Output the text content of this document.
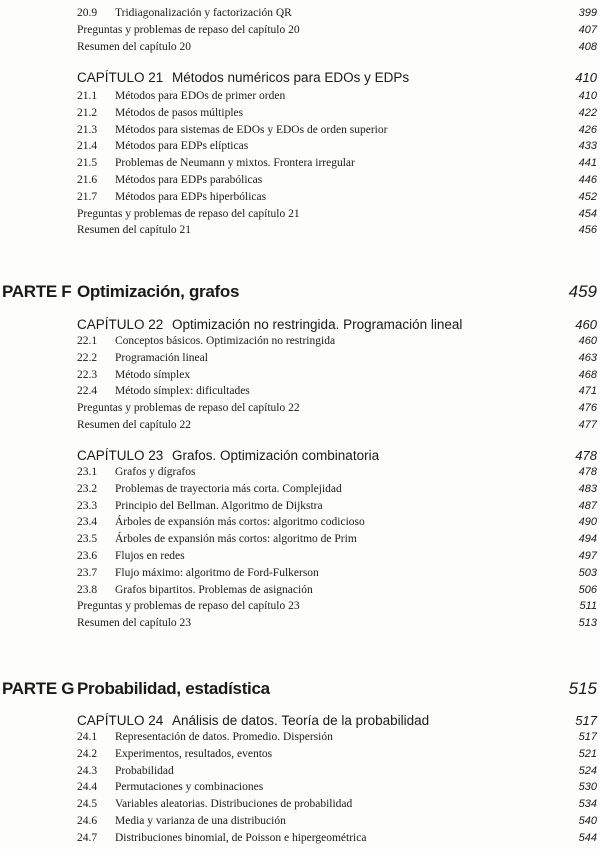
20.9 Tridiagonalización y factorización QR	399
Preguntas y problemas de repaso del capítulo 20	407
Resumen del capítulo 20	408
CAPÍTULO 21 Métodos numéricos para EDOs y EDPs	410
21.1 Métodos para EDOs de primer orden	410
21.2 Métodos de pasos múltiples	422
21.3 Métodos para sistemas de EDOs y EDOs de orden superior	426
21.4 Métodos para EDPs elípticas	433
21.5 Problemas de Neumann y mixtos. Frontera irregular	441
21.6 Métodos para EDPs parabólicas	446
21.7 Métodos para EDPs hiperbólicas	452
Preguntas y problemas de repaso del capítulo 21	454
Resumen del capítulo 21	456
PARTE F Optimización, grafos	459
CAPÍTULO 22 Optimización no restringida. Programación lineal	460
22.1 Conceptos básicos. Optimización no restringida	460
22.2 Programación lineal	463
22.3 Método símplex	468
22.4 Método símplex: dificultades	471
Preguntas y problemas de repaso del capítulo 22	476
Resumen del capítulo 22	477
CAPÍTULO 23 Grafos. Optimización combinatoria	478
23.1 Grafos y dígrafos	478
23.2 Problemas de trayectoria más corta. Complejidad	483
23.3 Principio del Bellman. Algoritmo de Dijkstra	487
23.4 Árboles de expansión más cortos: algoritmo codicioso	490
23.5 Árboles de expansión más cortos: algoritmo de Prim	494
23.6 Flujos en redes	497
23.7 Flujo máximo: algoritmo de Ford-Fulkerson	503
23.8 Grafos bipartitos. Problemas de asignación	506
Preguntas y problemas de repaso del capítulo 23	511
Resumen del capítulo 23	513
PARTE G Probabilidad, estadística	515
CAPÍTULO 24 Análisis de datos. Teoría de la probabilidad	517
24.1 Representación de datos. Promedio. Dispersión	517
24.2 Experimentos, resultados, eventos	521
24.3 Probabilidad	524
24.4 Permutaciones y combinaciones	530
24.5 Variables aleatorias. Distribuciones de probabilidad	534
24.6 Media y varianza de una distribución	540
24.7 Distribuciones binomial, de Poisson e hipergeométrica	544
